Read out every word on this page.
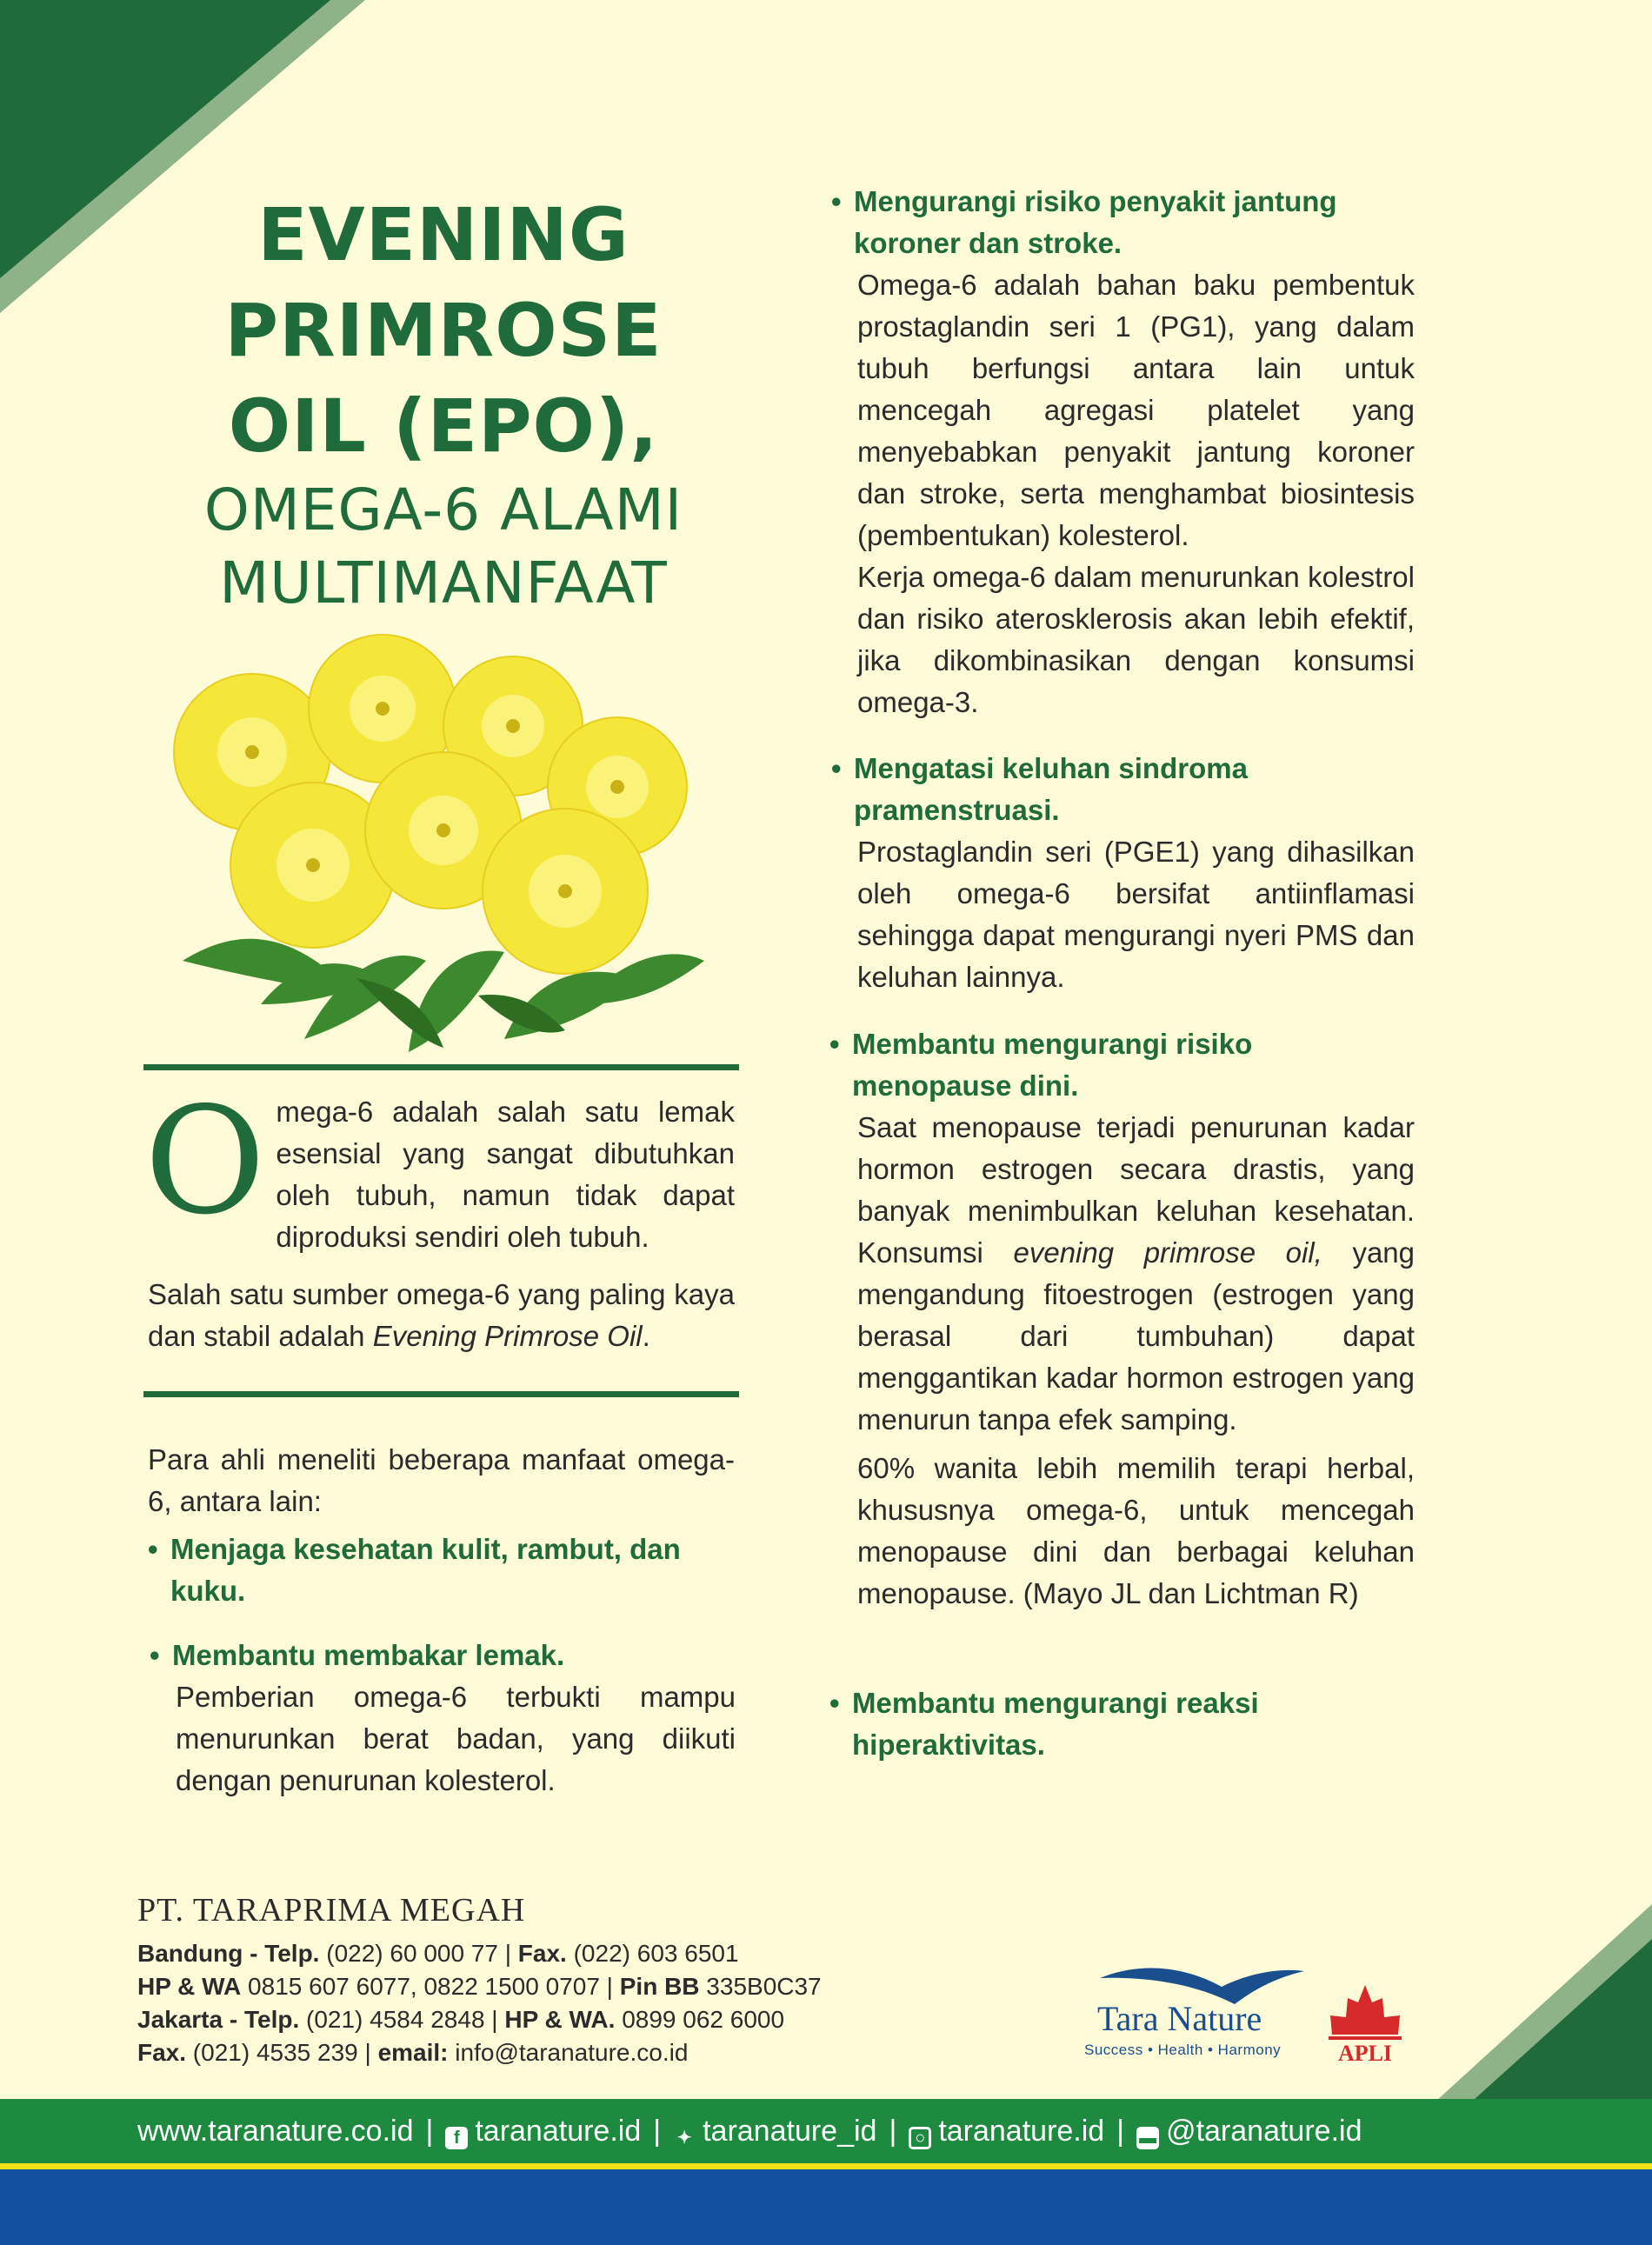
EVENING
PRIMROSE
OIL (EPO),
OMEGA-6 ALAMI
MULTIMANFAAT
Omega-6 adalah salah satu lemak esensial yang sangat dibutuhkan oleh tubuh, namun tidak dapat diproduksi sendiri oleh tubuh.
Salah satu sumber omega-6 yang paling kaya dan stabil adalah Evening Primrose Oil.
Para ahli meneliti beberapa manfaat omega-6, antara lain:
• Menjaga kesehatan kulit, rambut, dan kuku.
• Membantu membakar lemak.
Pemberian omega-6 terbukti mampu menurunkan berat badan, yang diikuti dengan penurunan kolesterol.
• Mengurangi risiko penyakit jantung koroner dan stroke.
Omega-6 adalah bahan baku pembentuk prostaglandin seri 1 (PG1), yang dalam tubuh berfungsi antara lain untuk mencegah agregasi platelet yang menyebabkan penyakit jantung koroner dan stroke, serta menghambat biosintesis (pembentukan) kolesterol.
Kerja omega-6 dalam menurunkan kolestrol dan risiko aterosklerosis akan lebih efektif, jika dikombinasikan dengan konsumsi omega-3.
• Mengatasi keluhan sindroma pramenstruasi.
Prostaglandin seri (PGE1) yang dihasilkan oleh omega-6 bersifat antiinflamasi sehingga dapat mengurangi nyeri PMS dan keluhan lainnya.
• Membantu mengurangi risiko menopause dini.
Saat menopause terjadi penurunan kadar hormon estrogen secara drastis, yang banyak menimbulkan keluhan kesehatan. Konsumsi evening primrose oil, yang mengandung fitoestrogen (estrogen yang berasal dari tumbuhan) dapat menggantikan kadar hormon estrogen yang menurun tanpa efek samping.
60% wanita lebih memilih terapi herbal, khususnya omega-6, untuk mencegah menopause dini dan berbagai keluhan menopause. (Mayo JL dan Lichtman R)
• Membantu mengurangi reaksi hiperaktivitas.
PT. TARAPRIMA MEGAH
Bandung - Telp. (022) 60 000 77 | Fax. (022) 603 6501
HP & WA 0815 607 6077, 0822 1500 0707 | Pin BB 335B0C37
Jakarta - Telp. (021) 4584 2848 | HP & WA. 0899 062 6000
Fax. (021) 4535 239 | email: info@taranature.co.id
Tara Nature
Success • Health • Harmony	APLI
www.taranature.co.id | f taranature.id | ✦ taranature_id | ○ taranature.id | ▬ @taranature.id
